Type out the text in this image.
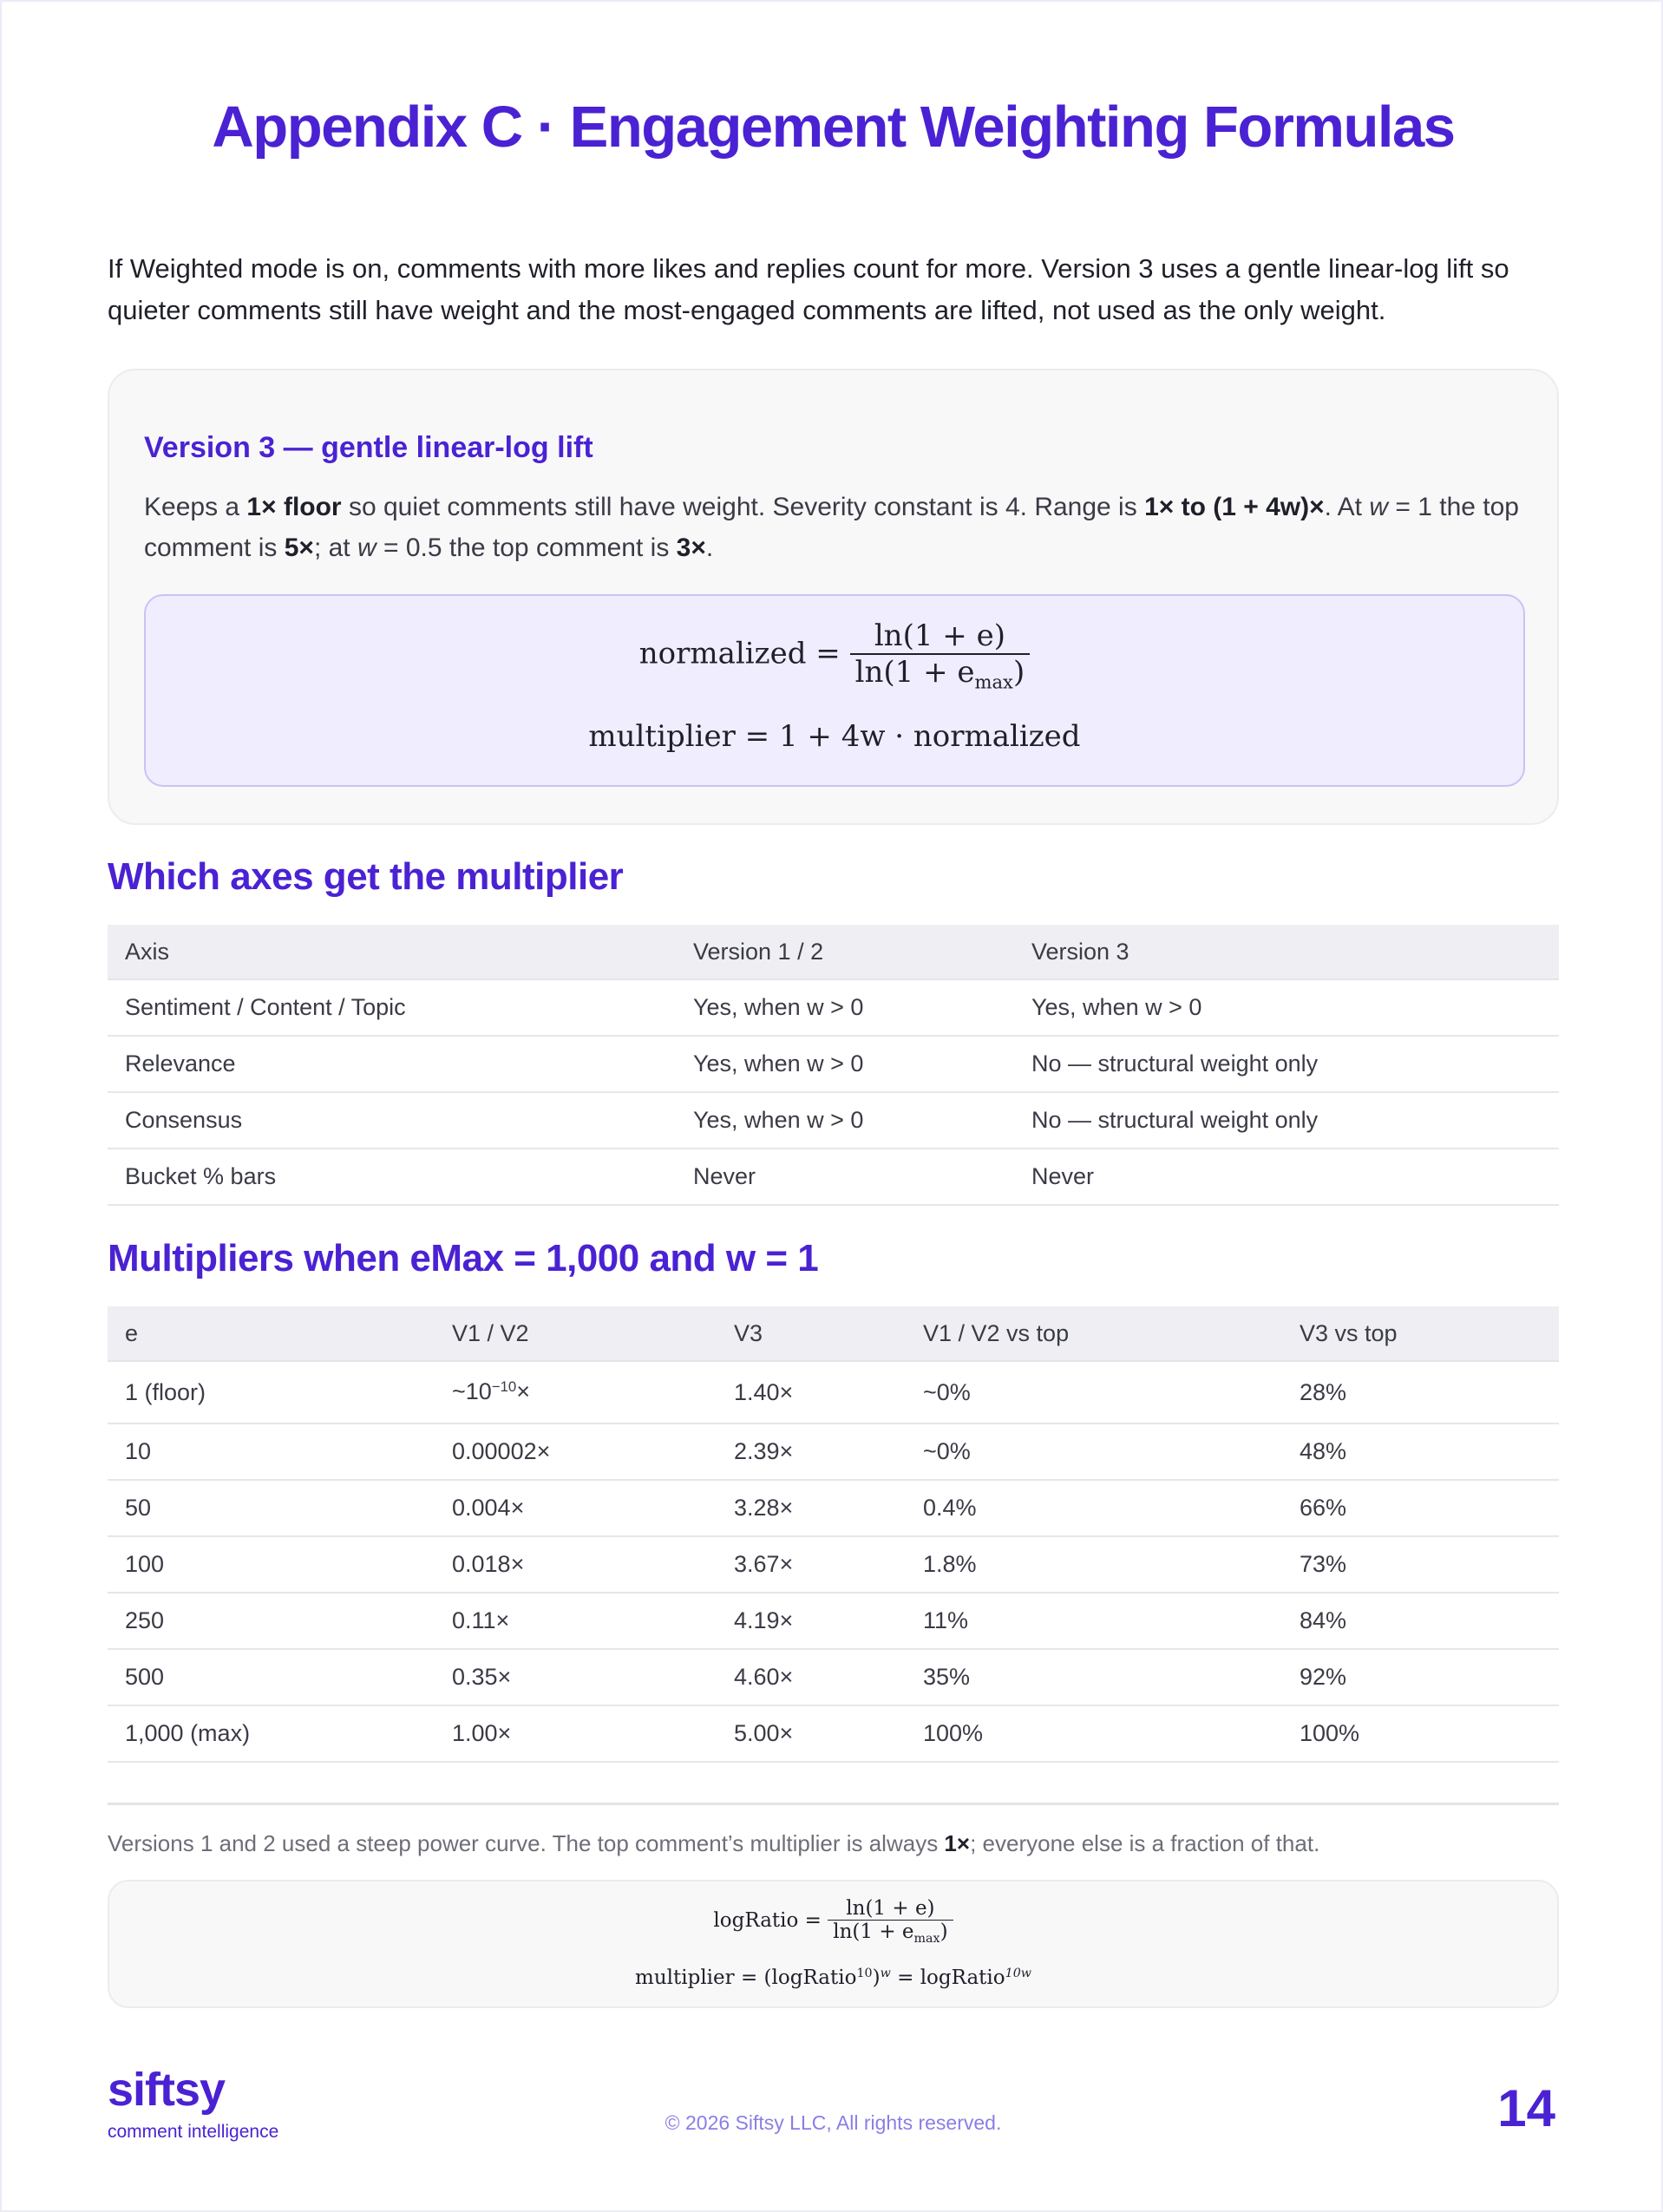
Appendix C · Engagement Weighting Formulas

If Weighted mode is on, comments with more likes and replies count for more. Version 3 uses a gentle linear-log lift so quieter comments still have weight and the most-engaged comments are lifted, not used as the only weight.

Version 3 — gentle linear-log lift

Keeps a 1× floor so quiet comments still have weight. Severity constant is 4. Range is 1× to (1 + 4w)×. At w = 1 the top comment is 5×; at w = 0.5 the top comment is 3×.

normalized = $\frac{\ln(1 + e)}{\ln(1 + e_{max})}$
multiplier = 1 + 4w · normalized
Which axes get the multiplier
Axis	Version 1 / 2	Version 3
Sentiment / Content / Topic	Yes, when w > 0	Yes, when w > 0
Relevance	Yes, when w > 0	No — structural weight only
Consensus	Yes, when w > 0	No — structural weight only
Bucket % bars	Never	Never
Multipliers when eMax = 1,000 and w = 1
e	V1 / V2	V3	V1 / V2 vs top	V3 vs top
1 (floor)	$\sim 10^{-10}\times$	1.40×	~0%	28%
10	0.00002×	2.39×	~0%	48%
50	0.004×	3.28×	0.4%	66%
100	0.018×	3.67×	1.8%	73%
250	0.11×	4.19×	11%	84%
500	0.35×	4.60×	35%	92%
1,000 (max)	1.00×	5.00×	100%	100%

Versions 1 and 2 used a steep power curve. The top comment’s multiplier is always 1×; everyone else is a fraction of that.

logRatio = $\frac{\ln(1 + e)}{\ln(1 + e_{max})}$
multiplier = (logRatio$^{10}$)$^w$ = logRatio$^{10w}$
siftsy
comment intelligence	© 2026 Siftsy LLC, All rights reserved.	14
